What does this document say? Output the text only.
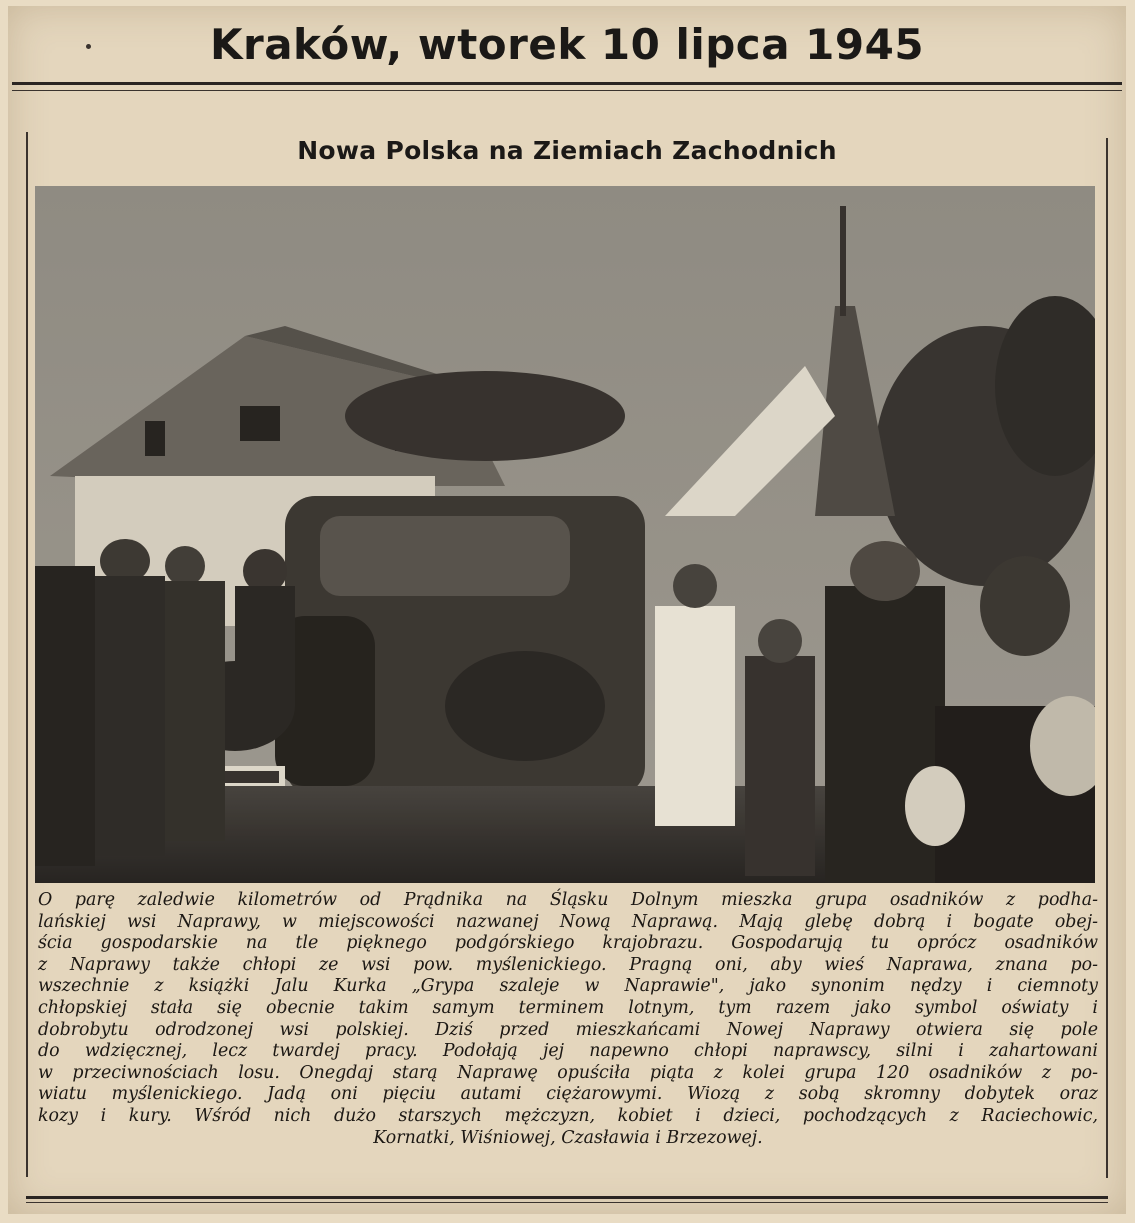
Kraków, wtorek 10 lipca 1945
Nowa Polska na Ziemiach Zachodnich
O parę zaledwie kilometrów od Prądnika na Śląsku Dolnym mieszka grupa osadników z podha-
lańskiej wsi Naprawy, w miejscowości nazwanej Nową Naprawą. Mają glebę dobrą i bogate obej-
ścia gospodarskie na tle pięknego podgórskiego krajobrazu. Gospodarują tu oprócz osadników
z Naprawy także chłopi ze wsi pow. myślenickiego. Pragną oni, aby wieś Naprawa, znana po-
wszechnie z książki Jalu Kurka „Grypa szaleje w Naprawie", jako synonim nędzy i ciemnoty
chłopskiej stała się obecnie takim samym terminem lotnym, tym razem jako symbol oświaty i
dobrobytu odrodzonej wsi polskiej. Dziś przed mieszkańcami Nowej Naprawy otwiera się pole
do wdzięcznej, lecz twardej pracy. Podołają jej napewno chłopi naprawscy, silni i zahartowani
w przeciwnościach losu. Onegdaj starą Naprawę opuściła piąta z kolei grupa 120 osadników z po-
wiatu myślenickiego. Jadą oni pięciu autami ciężarowymi. Wiozą z sobą skromny dobytek oraz
kozy i kury. Wśród nich dużo starszych mężczyzn, kobiet i dzieci, pochodzących z Raciechowic,
Kornatki, Wiśniowej, Czasławia i Brzezowej.
